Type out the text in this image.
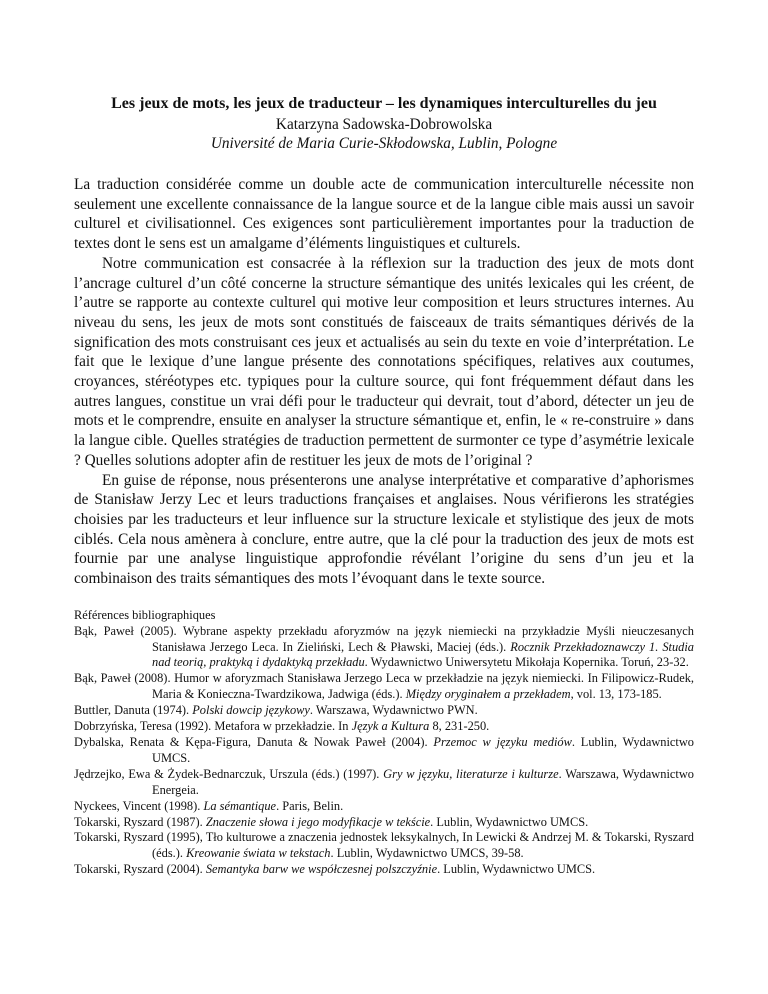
Les jeux de mots, les jeux de traducteur – les dynamiques interculturelles du jeu
Katarzyna Sadowska-Dobrowolska
Université de Maria Curie-Skłodowska, Lublin, Pologne

La traduction considérée comme un double acte de communication interculturelle nécessite non seulement une excellente connaissance de la langue source et de la langue cible mais aussi un savoir culturel et civilisationnel. Ces exigences sont particulièrement importantes pour la traduction de textes dont le sens est un amalgame d’éléments linguistiques et culturels.

Notre communication est consacrée à la réflexion sur la traduction des jeux de mots dont l’ancrage culturel d’un côté concerne la structure sémantique des unités lexicales qui les créent, de l’autre se rapporte au contexte culturel qui motive leur composition et leurs structures internes. Au niveau du sens, les jeux de mots sont constitués de faisceaux de traits sémantiques dérivés de la signification des mots construisant ces jeux et actualisés au sein du texte en voie d’interprétation. Le fait que le lexique d’une langue présente des connotations spécifiques, relatives aux coutumes, croyances, stéréotypes etc. typiques pour la culture source, qui font fréquemment défaut dans les autres langues, constitue un vrai défi pour le traducteur qui devrait, tout d’abord, détecter un jeu de mots et le comprendre, ensuite en analyser la structure sémantique et, enfin, le « re-construire » dans la langue cible. Quelles stratégies de traduction permettent de surmonter ce type d’asymétrie lexicale ? Quelles solutions adopter afin de restituer les jeux de mots de l’original ?

En guise de réponse, nous présenterons une analyse interprétative et comparative d’aphorismes de Stanisław Jerzy Lec et leurs traductions françaises et anglaises. Nous vérifierons les stratégies choisies par les traducteurs et leur influence sur la structure lexicale et stylistique des jeux de mots ciblés. Cela nous amènera à conclure, entre autre, que la clé pour la traduction des jeux de mots est fournie par une analyse linguistique approfondie révélant l’origine du sens d’un jeu et la combinaison des traits sémantiques des mots l’évoquant dans le texte source.

Références bibliographiques

Bąk, Paweł (2005). Wybrane aspekty przekładu aforyzmów na język niemiecki na przykładzie Myśli nieuczesanych Stanisława Jerzego Leca. In Zieliński, Lech & Pławski, Maciej (éds.). Rocznik Przekładoznawczy 1. Studia nad teorią, praktyką i dydaktyką przekładu. Wydawnictwo Uniwersytetu Mikołaja Kopernika. Toruń, 23-32.

Bąk, Paweł (2008). Humor w aforyzmach Stanisława Jerzego Leca w przekładzie na język niemiecki. In Filipowicz-Rudek, Maria & Konieczna-Twardzikowa, Jadwiga (éds.). Między oryginałem a przekładem, vol. 13, 173-185.

Buttler, Danuta (1974). Polski dowcip językowy. Warszawa, Wydawnictwo PWN.

Dobrzyńska, Teresa (1992). Metafora w przekładzie. In Język a Kultura 8, 231-250.

Dybalska, Renata & Kępa-Figura, Danuta & Nowak Paweł (2004). Przemoc w języku mediów. Lublin, Wydawnictwo UMCS.

Jędrzejko, Ewa & Żydek-Bednarczuk, Urszula (éds.) (1997). Gry w języku, literaturze i kulturze. Warszawa, Wydawnictwo Energeia.

Nyckees, Vincent (1998). La sémantique. Paris, Belin.

Tokarski, Ryszard (1987). Znaczenie słowa i jego modyfikacje w tekście. Lublin, Wydawnictwo UMCS.

Tokarski, Ryszard (1995), Tło kulturowe a znaczenia jednostek leksykalnych, In Lewicki & Andrzej M. & Tokarski, Ryszard (éds.). Kreowanie świata w tekstach. Lublin, Wydawnictwo UMCS, 39-58.

Tokarski, Ryszard (2004). Semantyka barw we współczesnej polszczyźnie. Lublin, Wydawnictwo UMCS.
